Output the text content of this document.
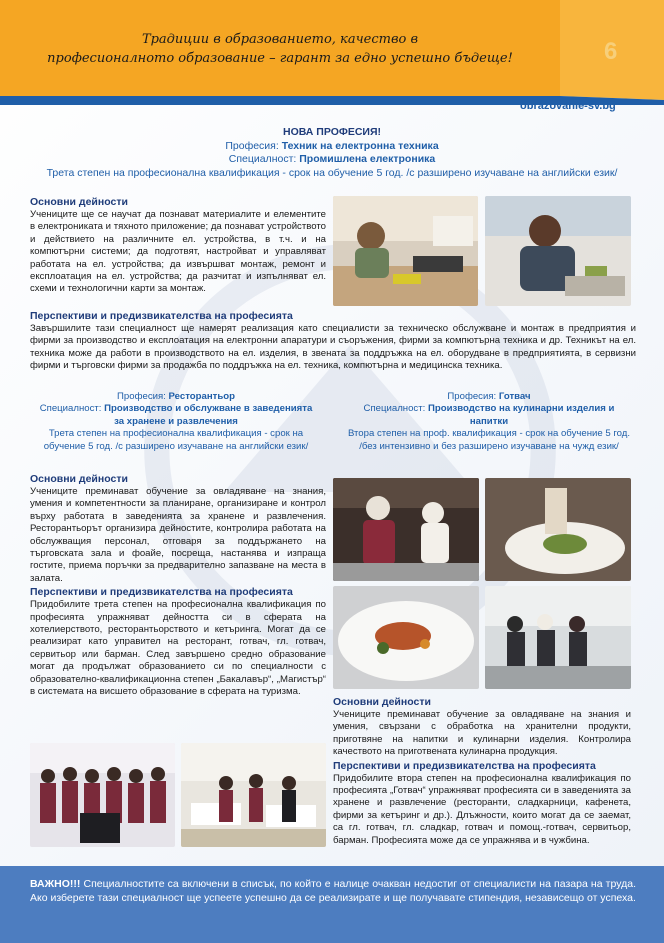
Традиции в образованието, качество в
професионалното образование – гарант за едно успешно бъдеще!	6
obrazovanie-sv.bg
НОВА ПРОФЕСИЯ!
Професия: Техник на електронна техника
Специалност: Промишлена електроника
Трета степен на професионална квалификация - срок на обучение 5 год. /с разширено изучаване на английски език/
Основни дейности
Учениците ще се научат да познават материалите и елементите в електрониката и тяхното приложение; да познават устройството и действието на различните ел. устройства, в т.ч. и на компютърни системи; да подготвят, настройват и управляват работата на ел. устройства; да извършват монтаж, ремонт и експлоатация на ел. устройства; да разчитат и изпълняват ел. схеми и технологични карти за монтаж.
Перспективи и предизвикателства на професията
Завършилите тази специалност ще намерят реализация като специалисти за техническо обслужване и монтаж в предприятия и фирми за производство и експлоатация на електронни апаратури и съоръжения, фирми за компютърна техника и др. Техникът на ел. техника може да работи в производството на ел. изделия, в звената за поддръжка на ел. оборудване в предприятията, в сервизни фирми и търговски фирми за продажба по поддръжка на ел. техника, компютърна и медицинска техника.
Професия: Ресторантьор
Специалност: Производство и обслужване в заведенията
за хранене и развлечения
Трета степен на професионална квалификация - срок на
обучение 5 год. /с разширено изучаване на английски език/
Професия: Готвач
Специалност: Производство на кулинарни изделия и
напитки
Втора степен на проф. квалификация - срок на обучение 5 год.
/без интензивно и без разширено изучаване на чужд език/
Основни дейности
Учениците преминават обучение за овладяване на знания, умения и компетентности за планиране, организиране и контрол върху работата в заведенията за хранене и развлечения. Ресторантьорът организира дейностите, контролира работата на обслужващия персонал, отговаря за поддържането на търговската зала и фоайе, посреща, настанява и изпраща гостите, приема поръчки за предварително запазване на места в залата.
Перспективи и предизвикателства на професията
Придобилите трета степен на професионална квалификация по професията упражняват дейността си в сферата на хотелиерството, ресторантьорството и кетъринга. Могат да се реализират като управител на ресторант, готвач, гл. готвач, сервитьор или барман. След завършено средно образование могат да продължат образованието си по специалности с образователно-квалификационна степен „Бакалавър“, „Магистър“ в системата на висшето образование в сферата на туризма.
Основни дейности
Учениците преминават обучение за овладяване на знания и умения, свързани с обработка на хранителни продукти, приготвяне на напитки и кулинарни изделия. Контролира качеството на приготвената кулинарна продукция.
Перспективи и предизвикателства на професията
Придобилите втора степен на професионална квалификация по професията „Готвач“ упражняват професията си в заведенията за хранене и развлечение (ресторанти, сладкарници, кафенета, фирми за кетъринг и др.). Длъжности, които могат да се заемат, са гл. готвач, гл. сладкар, готвач и помощ.-готвач, сервитьор, барман. Професията може да се упражнява и в чужбина.
ВАЖНО!!! Специалностите са включени в списък, по който е налице очакван недостиг от специалисти на пазара на труда. Ако изберете тази специалност ще успеете успешно да се реализирате и ще получавате стипендия, независещо от успеха.
